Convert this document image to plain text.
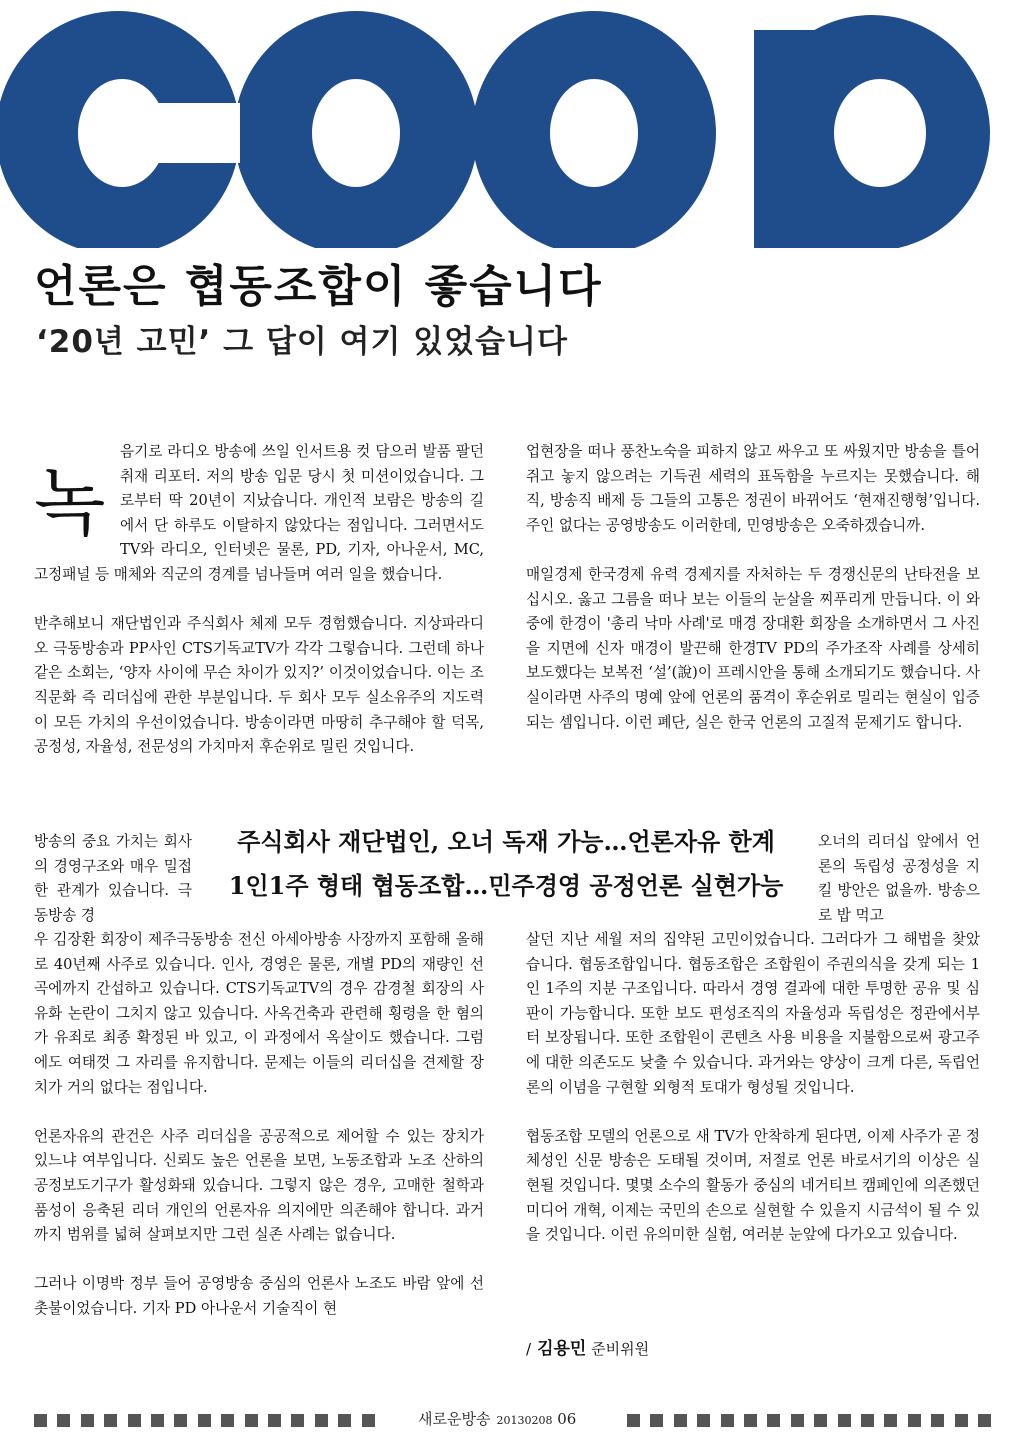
언론은 협동조합이 좋습니다
‘20년 고민’ 그 답이 여기 있었습니다

녹
음기로 라디오 방송에 쓰일 인서트용 컷 담으러 발품 팔던 취재 리포터. 저의 방송 입문 당시 첫 미션이었습니다. 그로부터 딱 20년이 지났습니다. 개인적 보람은 방송의 길에서 단 하루도 이탈하지 않았다는 점입니다. 그러면서도 TV와 라디오, 인터넷은 물론, PD, 기자, 아나운서, MC, 고정패널 등 매체와 직군의 경계를 넘나들며 여러 일을 했습니다.

반추해보니 재단법인과 주식회사 체제 모두 경험했습니다. 지상파라디오 극동방송과 PP사인 CTS기독교TV가 각각 그렇습니다. 그런데 하나같은 소회는, ‘양자 사이에 무슨 차이가 있지?’ 이것이었습니다. 이는 조직문화 즉 리더십에 관한 부분입니다. 두 회사 모두 실소유주의 지도력이 모든 가치의 우선이었습니다. 방송이라면 마땅히 추구해야 할 덕목, 공정성, 자율성, 전문성의 가치마저 후순위로 밀린 것입니다.

업현장을 떠나 풍찬노숙을 피하지 않고 싸우고 또 싸웠지만 방송을 틀어쥐고 놓지 않으려는 기득권 세력의 표독함을 누르지는 못했습니다. 해직, 방송직 배제 등 그들의 고통은 정권이 바뀌어도 ‘현재진행형’입니다. 주인 없다는 공영방송도 이러한데, 민영방송은 오죽하겠습니까.

매일경제 한국경제 유력 경제지를 자처하는 두 경쟁신문의 난타전을 보십시오. 옳고 그름을 떠나 보는 이들의 눈살을 찌푸리게 만듭니다. 이 와중에 한경이 '총리 낙마 사례'로 매경 장대환 회장을 소개하면서 그 사진을 지면에 신자 매경이 발끈해 한경TV PD의 주가조작 사례를 상세히 보도했다는 보복전 ‘설’(說)이 프레시안을 통해 소개되기도 했습니다. 사실이라면 사주의 명예 앞에 언론의 품격이 후순위로 밀리는 현실이 입증되는 셈입니다. 이런 폐단, 실은 한국 언론의 고질적 문제기도 합니다.

방송의 중요 가치는 회사의 경영구조와 매우 밀접한 관계가 있습니다. 극동방송 경

오너의 리더십 앞에서 언론의 독립성 공정성을 지킬 방안은 없을까. 방송으로 밥 먹고

주식회사 재단법인, 오너 독재 가능…언론자유 한계
1인1주 형태 협동조합…민주경영 공정언론 실현가능

우 김장환 회장이 제주극동방송 전신 아세아방송 사장까지 포함해 올해로 40년째 사주로 있습니다. 인사, 경영은 물론, 개별 PD의 재량인 선곡에까지 간섭하고 있습니다. CTS기독교TV의 경우 감경철 회장의 사유화 논란이 그치지 않고 있습니다. 사옥건축과 관련해 횡령을 한 혐의가 유죄로 최종 확정된 바 있고, 이 과정에서 옥살이도 했습니다. 그럼에도 여태껏 그 자리를 유지합니다. 문제는 이들의 리더십을 견제할 장치가 거의 없다는 점입니다.

언론자유의 관건은 사주 리더십을 공공적으로 제어할 수 있는 장치가 있느냐 여부입니다. 신뢰도 높은 언론을 보면, 노동조합과 노조 산하의 공정보도기구가 활성화돼 있습니다. 그렇지 않은 경우, 고매한 철학과 품성이 응축된 리더 개인의 언론자유 의지에만 의존해야 합니다. 과거까지 범위를 넓혀 살펴보지만 그런 실존 사례는 없습니다.

그러나 이명박 정부 들어 공영방송 중심의 언론사 노조도 바람 앞에 선 촛불이었습니다. 기자 PD 아나운서 기술직이 현

살던 지난 세월 저의 집약된 고민이었습니다. 그러다가 그 해법을 찾았습니다. 협동조합입니다. 협동조합은 조합원이 주권의식을 갖게 되는 1인 1주의 지분 구조입니다. 따라서 경영 결과에 대한 투명한 공유 및 심판이 가능합니다. 또한 보도 편성조직의 자율성과 독립성은 정관에서부터 보장됩니다. 또한 조합원이 콘텐츠 사용 비용을 지불함으로써 광고주에 대한 의존도도 낮출 수 있습니다. 과거와는 양상이 크게 다른, 독립언론의 이념을 구현할 외형적 토대가 형성될 것입니다.

협동조합 모델의 언론으로 새 TV가 안착하게 된다면, 이제 사주가 곧 정체성인 신문 방송은 도태될 것이며, 저절로 언론 바로서기의 이상은 실현될 것입니다. 몇몇 소수의 활동가 중심의 네거티브 캠페인에 의존했던 미디어 개혁, 이제는 국민의 손으로 실현할 수 있을지 시금석이 될 수 있을 것입니다. 이런 유의미한 실험, 여러분 눈앞에 다가오고 있습니다.

/ 김용민 준비위원
새로운방송 20130208 06
